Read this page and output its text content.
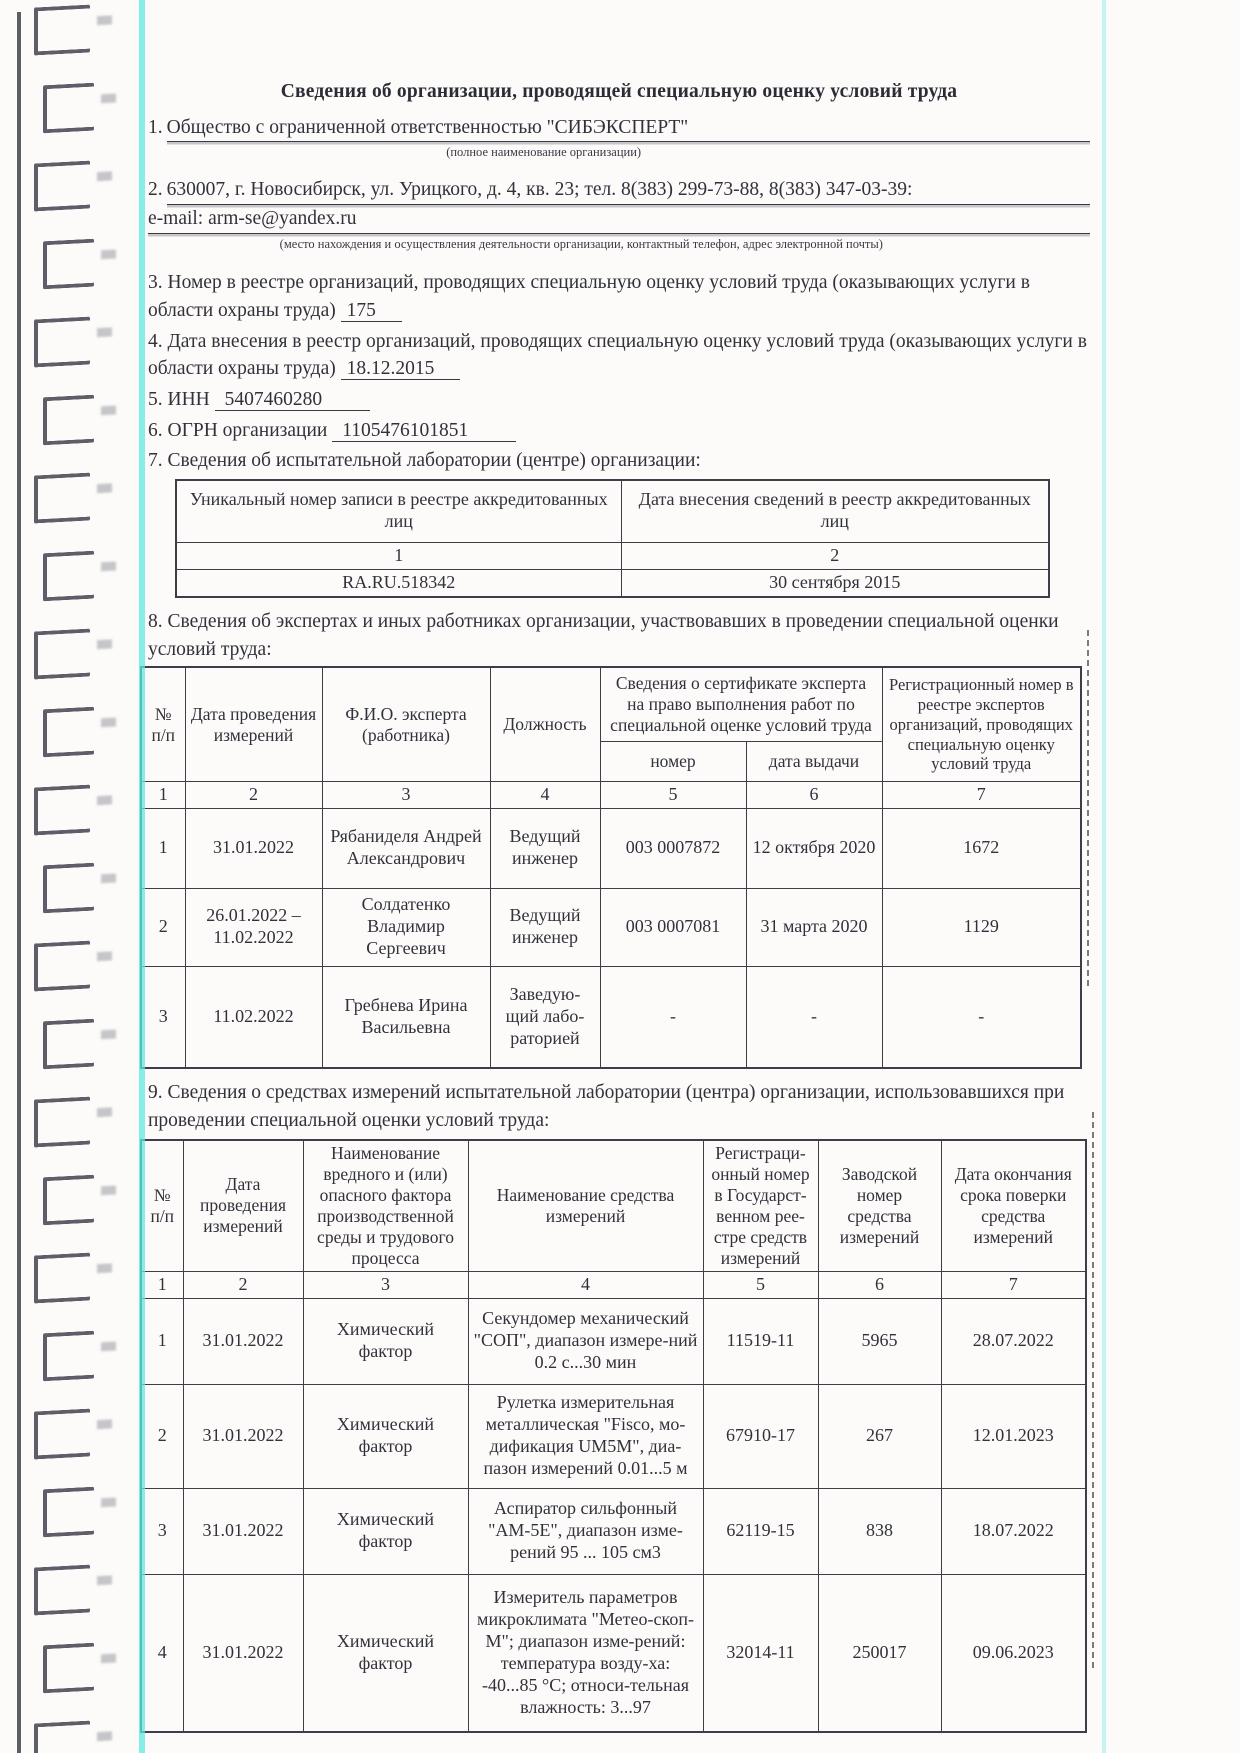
Сведения об организации, проводящей специальную оценку условий труда
1. Общество с ограниченной ответственностью "СИБЭКСПЕРТ"
(полное наименование организации)
2. 630007, г. Новосибирск, ул. Урицкого, д. 4, кв. 23; тел. 8(383) 299-73-88, 8(383) 347-03-39:
e-mail: arm-se@yandex.ru
(место нахождения и осуществления деятельности организации, контактный телефон, адрес электронной почты)

3. Номер в реестре организаций, проводящих специальную оценку условий труда (оказывающих услуги в области охраны труда) 175

4. Дата внесения в реестр организаций, проводящих специальную оценку условий труда (оказывающих услуги в области охраны труда) 18.12.2015

5. ИНН 5407460280

6. ОГРН организации 1105476101851

7. Сведения об испытательной лаборатории (центре) организации:

Уникальный номер записи в реестре аккредитованных лиц	Дата внесения сведений в реестр аккредитованных лиц
1	2
RA.RU.518342	30 сентября 2015

8. Сведения об экспертах и иных работниках организации, участвовавших в проведении специальной оценки условий труда:

№ п/п	Дата проведения измерений	Ф.И.О. эксперта (работника)	Должность	Сведения о сертификате эксперта на право выполнения работ по специальной оценке условий труда		Регистрационный номер в реестре экспертов организаций, проводящих специальную оценку условий труда
				номер	дата выдачи	
1	2	3	4	5	6	7
1	31.01.2022	Рябаниделя Андрей Александрович	Ведущий инженер	003 0007872	12 октября 2020	1672
2	26.01.2022 – 11.02.2022	Солдатенко Владимир Сергеевич	Ведущий инженер	003 0007081	31 марта 2020	1129
3	11.02.2022	Гребнева Ирина Васильевна	Заведую-щий лабо-раторией	-	-	-

9. Сведения о средствах измерений испытательной лаборатории (центра) организации, использовавшихся при проведении специальной оценки условий труда:

№ п/п	Дата проведения измерений	Наименование вредного и (или) опасного фактора производственной среды и трудового процесса	Наименование средства измерений	Регистраци-онный номер в Государст-венном рее-стре средств измерений	Заводской номер средства измерений	Дата окончания срока поверки средства измерений
1	2	3	4	5	6	7
1	31.01.2022	Химический фактор	Секундомер механический "СОП", диапазон измере-ний 0.2 с...30 мин	11519-11	5965	28.07.2022
2	31.01.2022	Химический фактор	Рулетка измерительная металлическая "Fisco, мо-дификация UM5M", диа-пазон измерений 0.01...5 м	67910-17	267	12.01.2023
3	31.01.2022	Химический фактор	Аспиратор сильфонный "АМ-5Е", диапазон изме-рений 95 ... 105 см3	62119-15	838	18.07.2022
4	31.01.2022	Химический фактор	Измеритель параметров микроклимата "Метео-скоп-М"; диапазон изме-рений: температура возду-ха: -40...85 °С; относи-тельная влажность: 3...97	32014-11	250017	09.06.2023
